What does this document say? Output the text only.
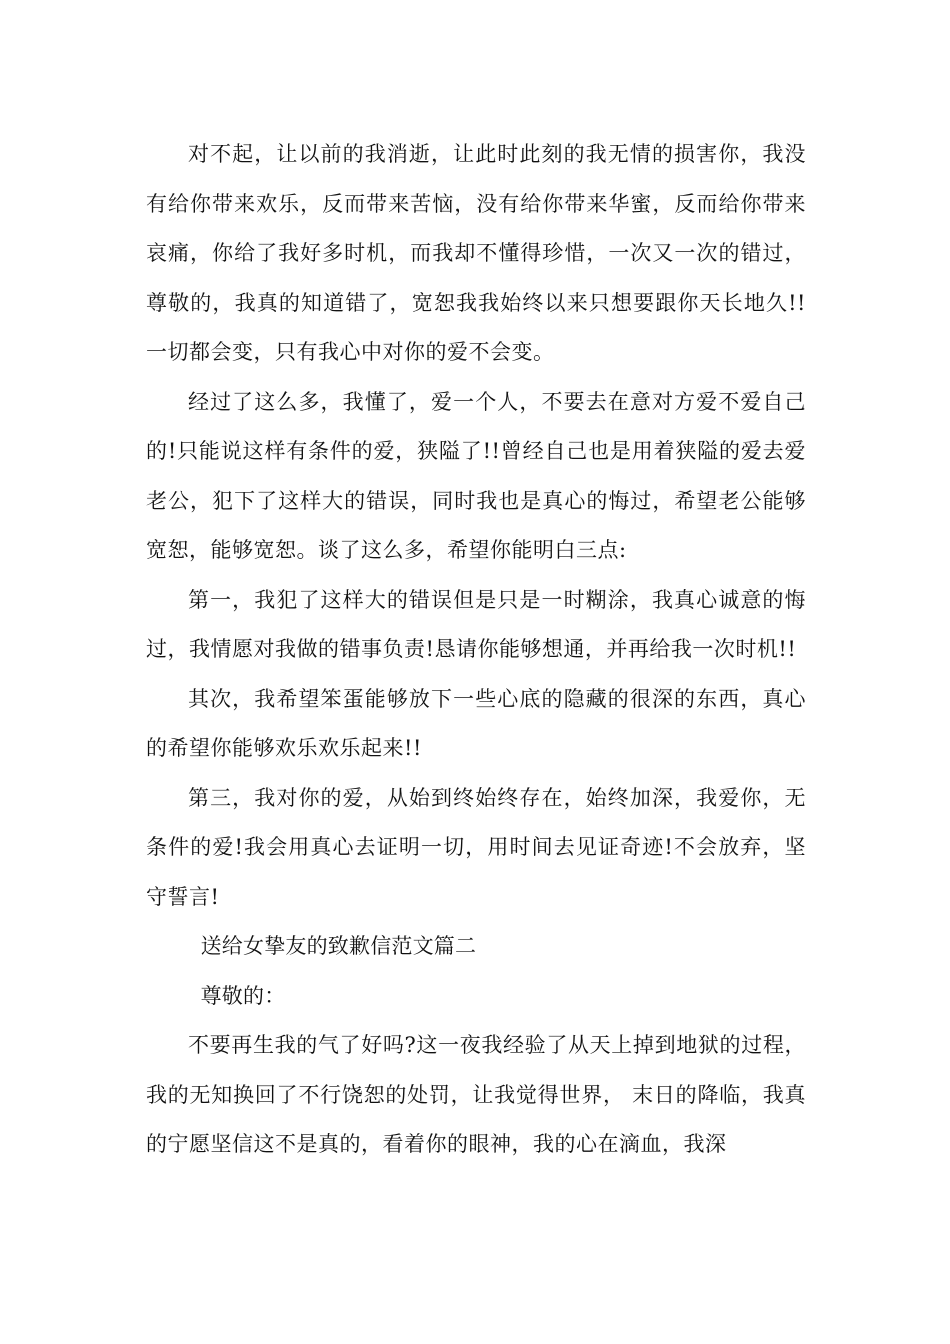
对不起，让以前的我消逝，让此时此刻的我无情的损害你，我没有给你带来欢乐，反而带来苦恼，没有给你带来华蜜，反而给你带来哀痛，你给了我好多时机，而我却不懂得珍惜，一次又一次的错过，尊敬的，我真的知道错了，宽恕我我始终以来只想要跟你天长地久!!一切都会变，只有我心中对你的爱不会变。

经过了这么多，我懂了，爱一个人，不要去在意对方爱不爱自己的!只能说这样有条件的爱，狭隘了!!曾经自己也是用着狭隘的爱去爱老公，犯下了这样大的错误，同时我也是真心的悔过，希望老公能够宽恕，能够宽恕。谈了这么多，希望你能明白三点:

第一，我犯了这样大的错误但是只是一时糊涂，我真心诚意的悔过，我情愿对我做的错事负责!恳请你能够想通，并再给我一次时机!!

其次，我希望笨蛋能够放下一些心底的隐藏的很深的东西，真心的希望你能够欢乐欢乐起来!!

第三，我对你的爱，从始到终始终存在，始终加深，我爱你，无条件的爱!我会用真心去证明一切，用时间去见证奇迹!不会放弃，坚守誓言!

送给女挚友的致歉信范文篇二

尊敬的：

不要再生我的气了好吗?这一夜我经验了从天上掉到地狱的过程，我的无知换回了不行饶恕的处罚，让我觉得世界， 末日的降临，我真的宁愿坚信这不是真的，看着你的眼神，我的心在滴血，我深
